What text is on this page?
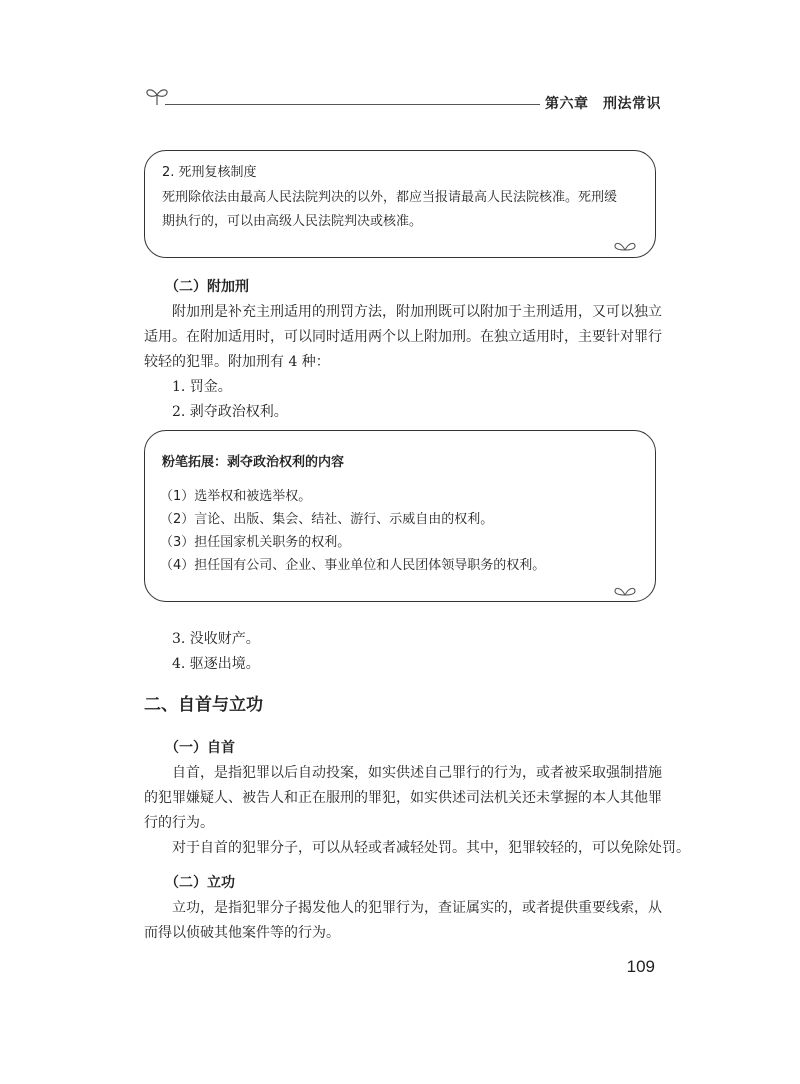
第六章　刑法常识
2. 死刑复核制度
死刑除依法由最高人民法院判决的以外，都应当报请最高人民法院核准。死刑缓
期执行的，可以由高级人民法院判决或核准。
（二）附加刑
附加刑是补充主刑适用的刑罚方法，附加刑既可以附加于主刑适用，又可以独立
适用。在附加适用时，可以同时适用两个以上附加刑。在独立适用时，主要针对罪行
较轻的犯罪。附加刑有 4 种：
1. 罚金。
2. 剥夺政治权利。
粉笔拓展：剥夺政治权利的内容
（1）选举权和被选举权。
（2）言论、出版、集会、结社、游行、示威自由的权利。
（3）担任国家机关职务的权利。
（4）担任国有公司、企业、事业单位和人民团体领导职务的权利。
3. 没收财产。
4. 驱逐出境。
二、自首与立功
（一）自首
自首，是指犯罪以后自动投案，如实供述自己罪行的行为，或者被采取强制措施
的犯罪嫌疑人、被告人和正在服刑的罪犯，如实供述司法机关还未掌握的本人其他罪
行的行为。
对于自首的犯罪分子，可以从轻或者减轻处罚。其中，犯罪较轻的，可以免除处罚。
（二）立功
立功，是指犯罪分子揭发他人的犯罪行为，查证属实的，或者提供重要线索，从
而得以侦破其他案件等的行为。
109
